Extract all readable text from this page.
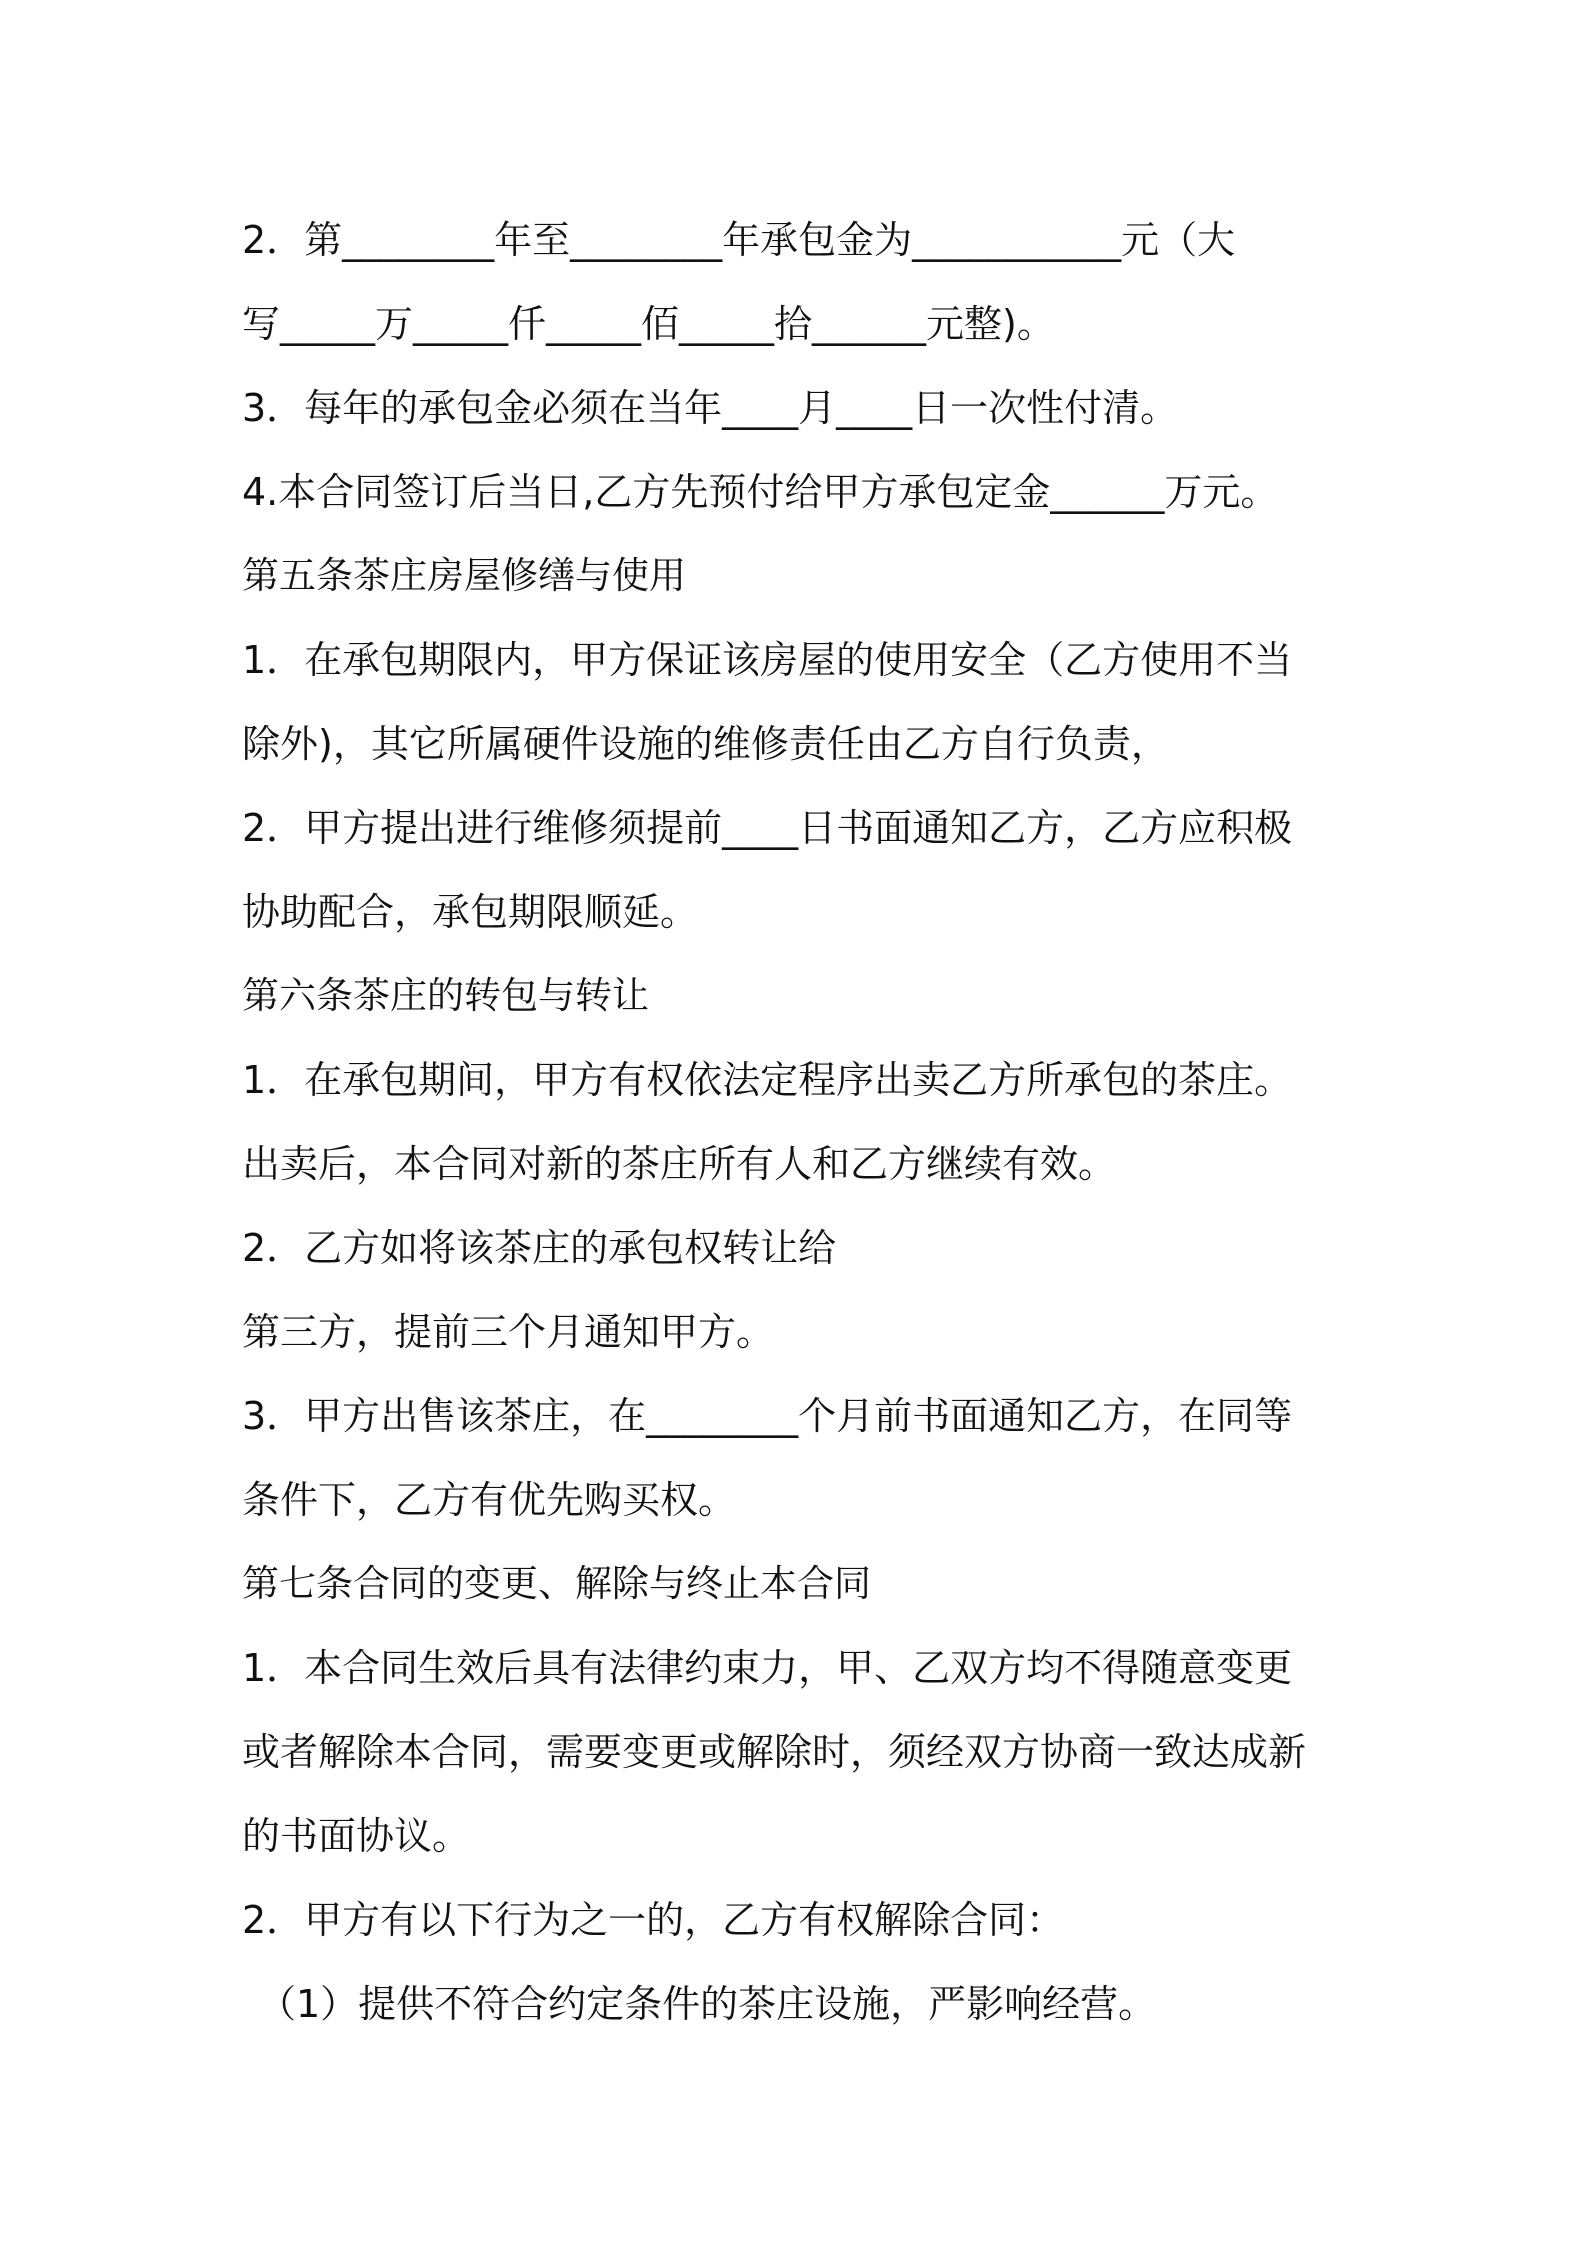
2．第________年至________年承包金为___________元（大
写_____万_____仟_____佰_____拾______元整)。
3．每年的承包金必须在当年____月____日一次性付清。
4.本合同签订后当日,乙方先预付给甲方承包定金______万元。
第五条茶庄房屋修缮与使用
1．在承包期限内，甲方保证该房屋的使用安全（乙方使用不当
除外)，其它所属硬件设施的维修责任由乙方自行负责，
2．甲方提出进行维修须提前____日书面通知乙方，乙方应积极
协助配合，承包期限顺延。
第六条茶庄的转包与转让
1．在承包期间，甲方有权依法定程序出卖乙方所承包的茶庄。
出卖后，本合同对新的茶庄所有人和乙方继续有效。
2．乙方如将该茶庄的承包权转让给
第三方，提前三个月通知甲方。
3．甲方出售该茶庄，在________个月前书面通知乙方，在同等
条件下，乙方有优先购买权。
第七条合同的变更、解除与终止本合同
1．本合同生效后具有法律约束力，甲、乙双方均不得随意变更
或者解除本合同，需要变更或解除时，须经双方协商一致达成新
的书面协议。
2．甲方有以下行为之一的，乙方有权解除合同：
（1）提供不符合约定条件的茶庄设施，严影响经营。
